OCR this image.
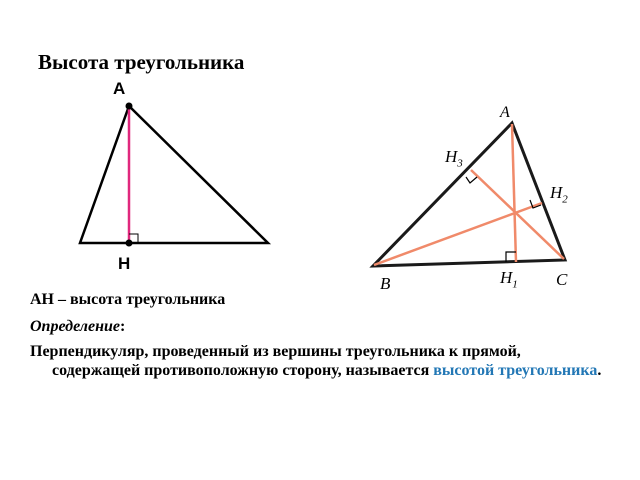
Высота треугольника
А
Н
A
B	C
$H_3$
$H_2$
$H_1$

АН – высота треугольника

Определение:

Перпендикуляр, проведенный из вершины треугольника к прямой, содержащей противоположную сторону, называется высотой треугольника.
